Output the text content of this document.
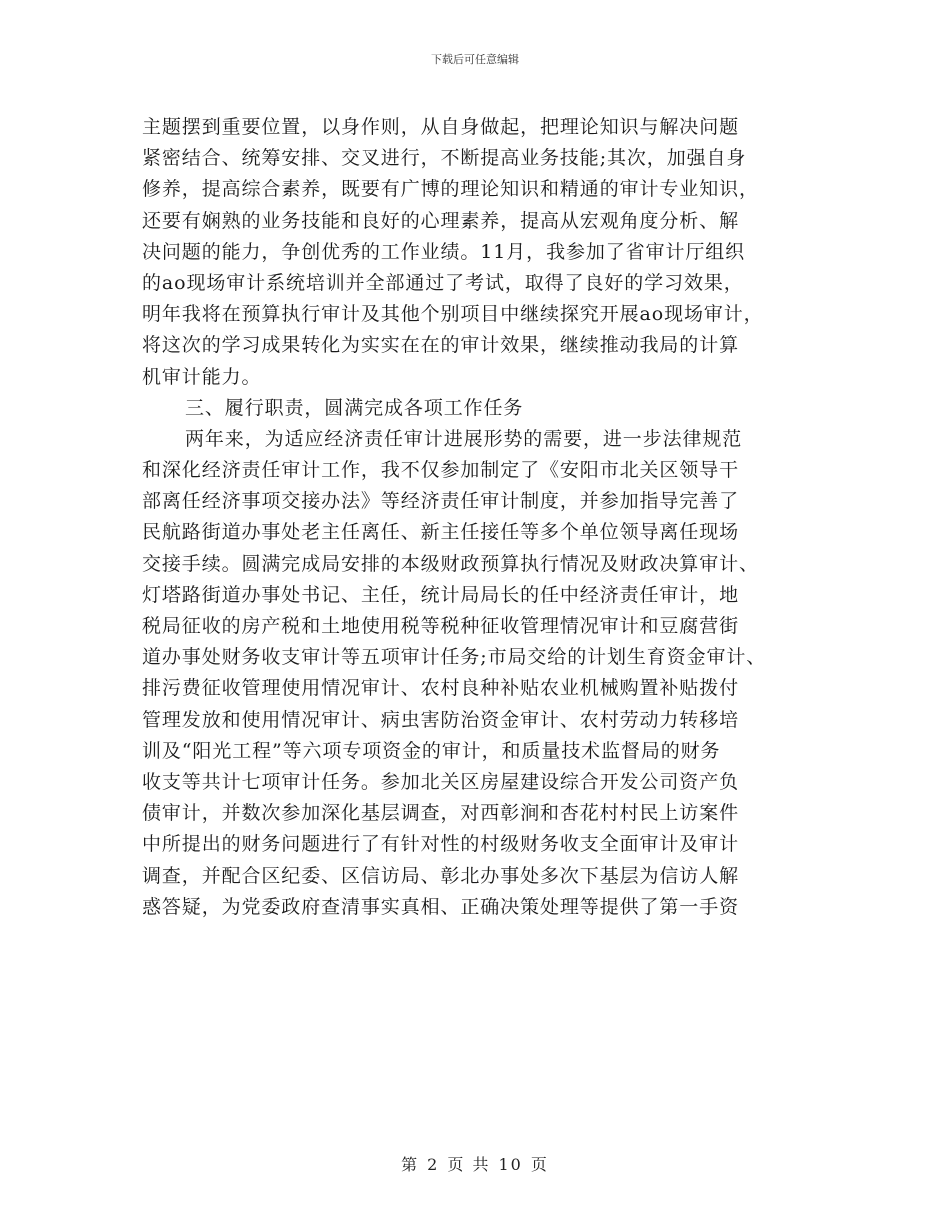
下载后可任意编辑
主题摆到重要位置，以身作则，从自身做起，把理论知识与解决问题
紧密结合、统筹安排、交叉进行，不断提高业务技能;其次，加强自身
修养，提高综合素养，既要有广博的理论知识和精通的审计专业知识，
还要有娴熟的业务技能和良好的心理素养，提高从宏观角度分析、解
决问题的能力，争创优秀的工作业绩。11月，我参加了省审计厅组织
的ao现场审计系统培训并全部通过了考试，取得了良好的学习效果，
明年我将在预算执行审计及其他个别项目中继续探究开展ao现场审计，
将这次的学习成果转化为实实在在的审计效果，继续推动我局的计算
机审计能力。
三、履行职责，圆满完成各项工作任务
两年来，为适应经济责任审计进展形势的需要，进一步法律规范
和深化经济责任审计工作，我不仅参加制定了《安阳市北关区领导干
部离任经济事项交接办法》等经济责任审计制度，并参加指导完善了
民航路街道办事处老主任离任、新主任接任等多个单位领导离任现场
交接手续。圆满完成局安排的本级财政预算执行情况及财政决算审计、
灯塔路街道办事处书记、主任，统计局局长的任中经济责任审计，地
税局征收的房产税和土地使用税等税种征收管理情况审计和豆腐营街
道办事处财务收支审计等五项审计任务;市局交给的计划生育资金审计、
排污费征收管理使用情况审计、农村良种补贴农业机械购置补贴拨付
管理发放和使用情况审计、病虫害防治资金审计、农村劳动力转移培
训及“阳光工程”等六项专项资金的审计，和质量技术监督局的财务
收支等共计七项审计任务。参加北关区房屋建设综合开发公司资产负
债审计，并数次参加深化基层调查，对西彰涧和杏花村村民上访案件
中所提出的财务问题进行了有针对性的村级财务收支全面审计及审计
调查，并配合区纪委、区信访局、彰北办事处多次下基层为信访人解
惑答疑，为党委政府查清事实真相、正确决策处理等提供了第一手资
第 2 页 共 10 页
